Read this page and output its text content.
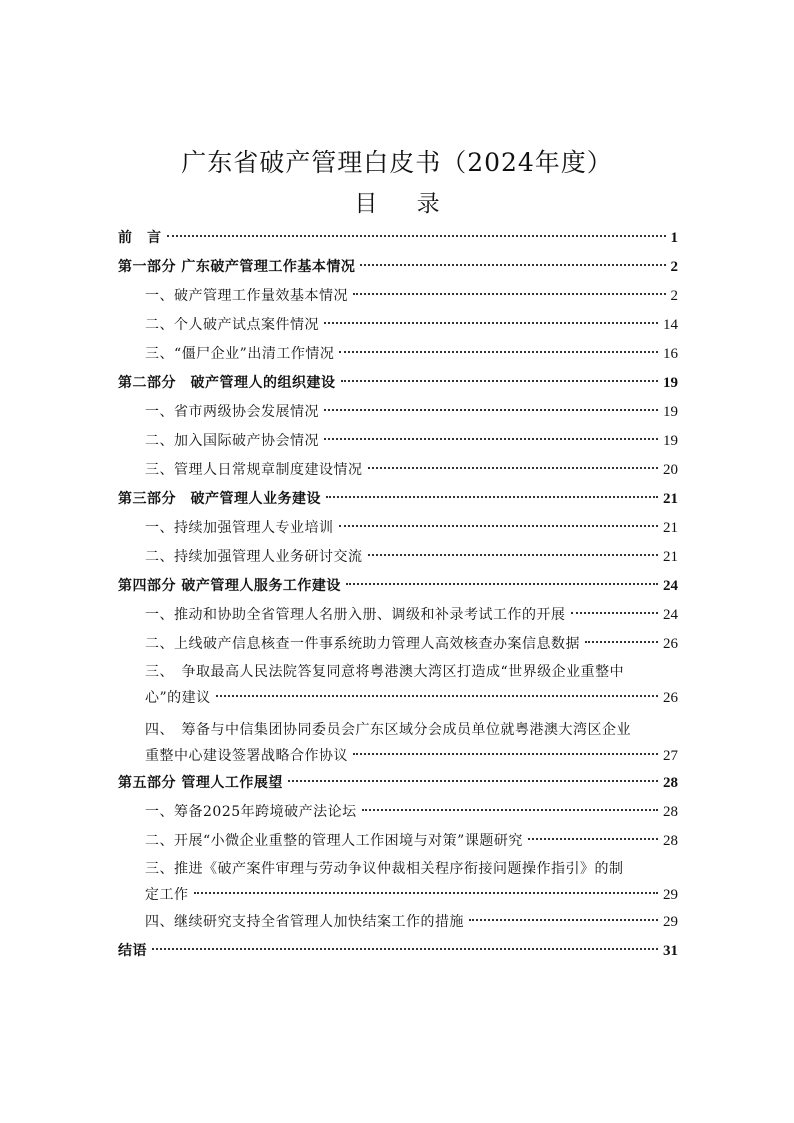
广东省破产管理白皮书（2024年度）
目 录
前　言	1
第一部分 广东破产管理工作基本情况	2
一、破产管理工作量效基本情况	2
二、个人破产试点案件情况	14
三、“僵尸企业”出清工作情况	16
第二部分　破产管理人的组织建设	19
一、省市两级协会发展情况	19
二、加入国际破产协会情况	19
三、管理人日常规章制度建设情况	20
第三部分　破产管理人业务建设	21
一、持续加强管理人专业培训	21
二、持续加强管理人业务研讨交流	21
第四部分 破产管理人服务工作建设	24
一、推动和协助全省管理人名册入册、调级和补录考试工作的开展	24
二、上线破产信息核查一件事系统助力管理人高效核查办案信息数据	26
三、　争取最高人民法院答复同意将粤港澳大湾区打造成“世界级企业重整中
心”的建议	26
四、　筹备与中信集团协同委员会广东区域分会成员单位就粤港澳大湾区企业
重整中心建设签署战略合作协议	27
第五部分 管理人工作展望	28
一、筹备2025年跨境破产法论坛	28
二、开展“小微企业重整的管理人工作困境与对策”课题研究	28
三、推进《破产案件审理与劳动争议仲裁相关程序衔接问题操作指引》的制
定工作	29
四、继续研究支持全省管理人加快结案工作的措施	29
结语	31
